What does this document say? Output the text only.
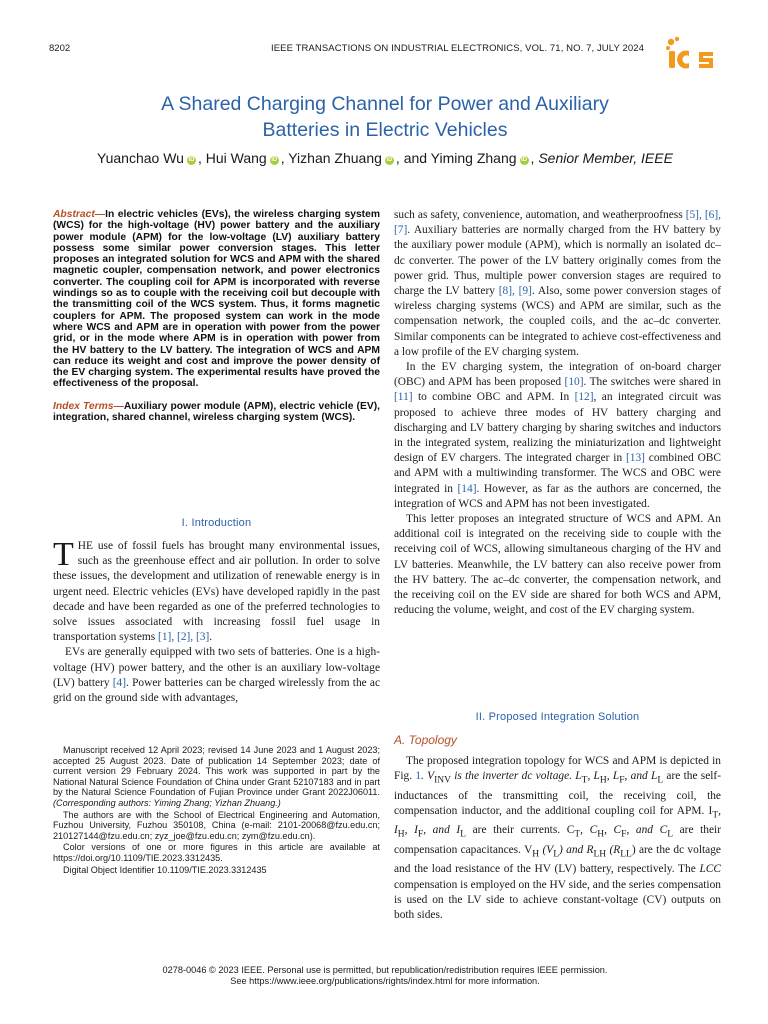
8202	IEEE TRANSACTIONS ON INDUSTRIAL ELECTRONICS, VOL. 71, NO. 7, JULY 2024
ies
A Shared Charging Channel for Power and Auxiliary
Batteries in Electric Vehicles
Yuanchao Wu iD , Hui Wang iD , Yizhan Zhuang iD , and Yiming Zhang iD , Senior Member, IEEE
Abstract—In electric vehicles (EVs), the wireless charging system (WCS) for the high-voltage (HV) power battery and the auxiliary power module (APM) for the low-voltage (LV) auxiliary battery possess some similar power conversion stages. This letter proposes an integrated solution for WCS and APM with the shared magnetic coupler, compensation network, and power electronics converter. The coupling coil for APM is incorporated with reverse windings so as to couple with the receiving coil but decouple with the transmitting coil of the WCS system. Thus, it forms magnetic couplers for APM. The proposed system can work in the mode where WCS and APM are in operation with power from the power grid, or in the mode where APM is in operation with power from the HV battery to the LV battery. The integration of WCS and APM can reduce its weight and cost and improve the power density of the EV charging system. The experimental results have proved the effectiveness of the proposal.
Index Terms—Auxiliary power module (APM), electric vehicle (EV), integration, shared channel, wireless charging system (WCS).
I. Introduction

THE use of fossil fuels has brought many environmental issues, such as the greenhouse effect and air pollution. In order to solve these issues, the development and utilization of renewable energy is in urgent need. Electric vehicles (EVs) have developed rapidly in the past decade and have been regarded as one of the preferred technologies to solve issues associated with increasing fossil fuel usage in transportation systems [1], [2], [3].

EVs are generally equipped with two sets of batteries. One is a high-voltage (HV) power battery, and the other is an auxiliary low-voltage (LV) battery [4]. Power batteries can be charged wirelessly from the ac grid on the ground side with advantages,

Manuscript received 12 April 2023; revised 14 June 2023 and 1 August 2023; accepted 25 August 2023. Date of publication 14 September 2023; date of current version 29 February 2024. This work was supported in part by the National Natural Science Foundation of China under Grant 52107183 and in part by the Natural Science Foundation of Fujian Province under Grant 2022J06011. (Corresponding authors: Yiming Zhang; Yizhan Zhuang.)

The authors are with the School of Electrical Engineering and Automation, Fuzhou University, Fuzhou 350108, China (e-mail: 2101-20068@fzu.edu.cn; 210127144@fzu.edu.cn; zyz_joe@fzu.edu.cn; zym@fzu.edu.cn).

Color versions of one or more figures in this article are available at https://doi.org/10.1109/TIE.2023.3312435.

Digital Object Identifier 10.1109/TIE.2023.3312435

such as safety, convenience, automation, and weatherproofness [5], [6], [7]. Auxiliary batteries are normally charged from the HV battery by the auxiliary power module (APM), which is normally an isolated dc–dc converter. The power of the LV battery originally comes from the power grid. Thus, multiple power conversion stages are required to charge the LV battery [8], [9]. Also, some power conversion stages of wireless charging systems (WCS) and APM are similar, such as the compensation network, the coupled coils, and the ac–dc converter. Similar components can be integrated to achieve cost-effectiveness and a low profile of the EV charging system.

In the EV charging system, the integration of on-board charger (OBC) and APM has been proposed [10]. The switches were shared in [11] to combine OBC and APM. In [12], an integrated circuit was proposed to achieve three modes of HV battery charging and discharging and LV battery charging by sharing switches and inductors in the integrated system, realizing the miniaturization and lightweight design of EV chargers. The integrated charger in [13] combined OBC and APM with a multiwinding transformer. The WCS and OBC were integrated in [14]. However, as far as the authors are concerned, the integration of WCS and APM has not been investigated.

This letter proposes an integrated structure of WCS and APM. An additional coil is integrated on the receiving side to couple with the receiving coil of WCS, allowing simultaneous charging of the HV and LV batteries. Meanwhile, the LV battery can also receive power from the HV battery. The ac–dc converter, the compensation network, and the receiving coil on the EV side are shared for both WCS and APM, reducing the volume, weight, and cost of the EV charging system.

II. Proposed Integration Solution
A. Topology

The proposed integration topology for WCS and APM is depicted in Fig. 1. $V_{INV}$ is the inverter dc voltage. $L_T$, $L_H$, $L_F$, and $L_L$ are the self-inductances of the transmitting coil, the receiving coil, the compensation inductor, and the additional coupling coil for APM. $I_T$, $I_H$, $I_F$, and $I_L$ are their currents. $C_T$, $C_H$, $C_F$, and $C_L$ are their compensation capacitances. $V_H$ $(V_L)$ and $R_{LH}$ $(R_{LL})$ are the dc voltage and the load resistance of the HV (LV) battery, respectively. The LCC compensation is employed on the HV side, and the series compensation is used on the LV side to achieve constant-voltage (CV) outputs on both sides.

0278-0046 © 2023 IEEE. Personal use is permitted, but republication/redistribution requires IEEE permission.
See https://www.ieee.org/publications/rights/index.html for more information.
